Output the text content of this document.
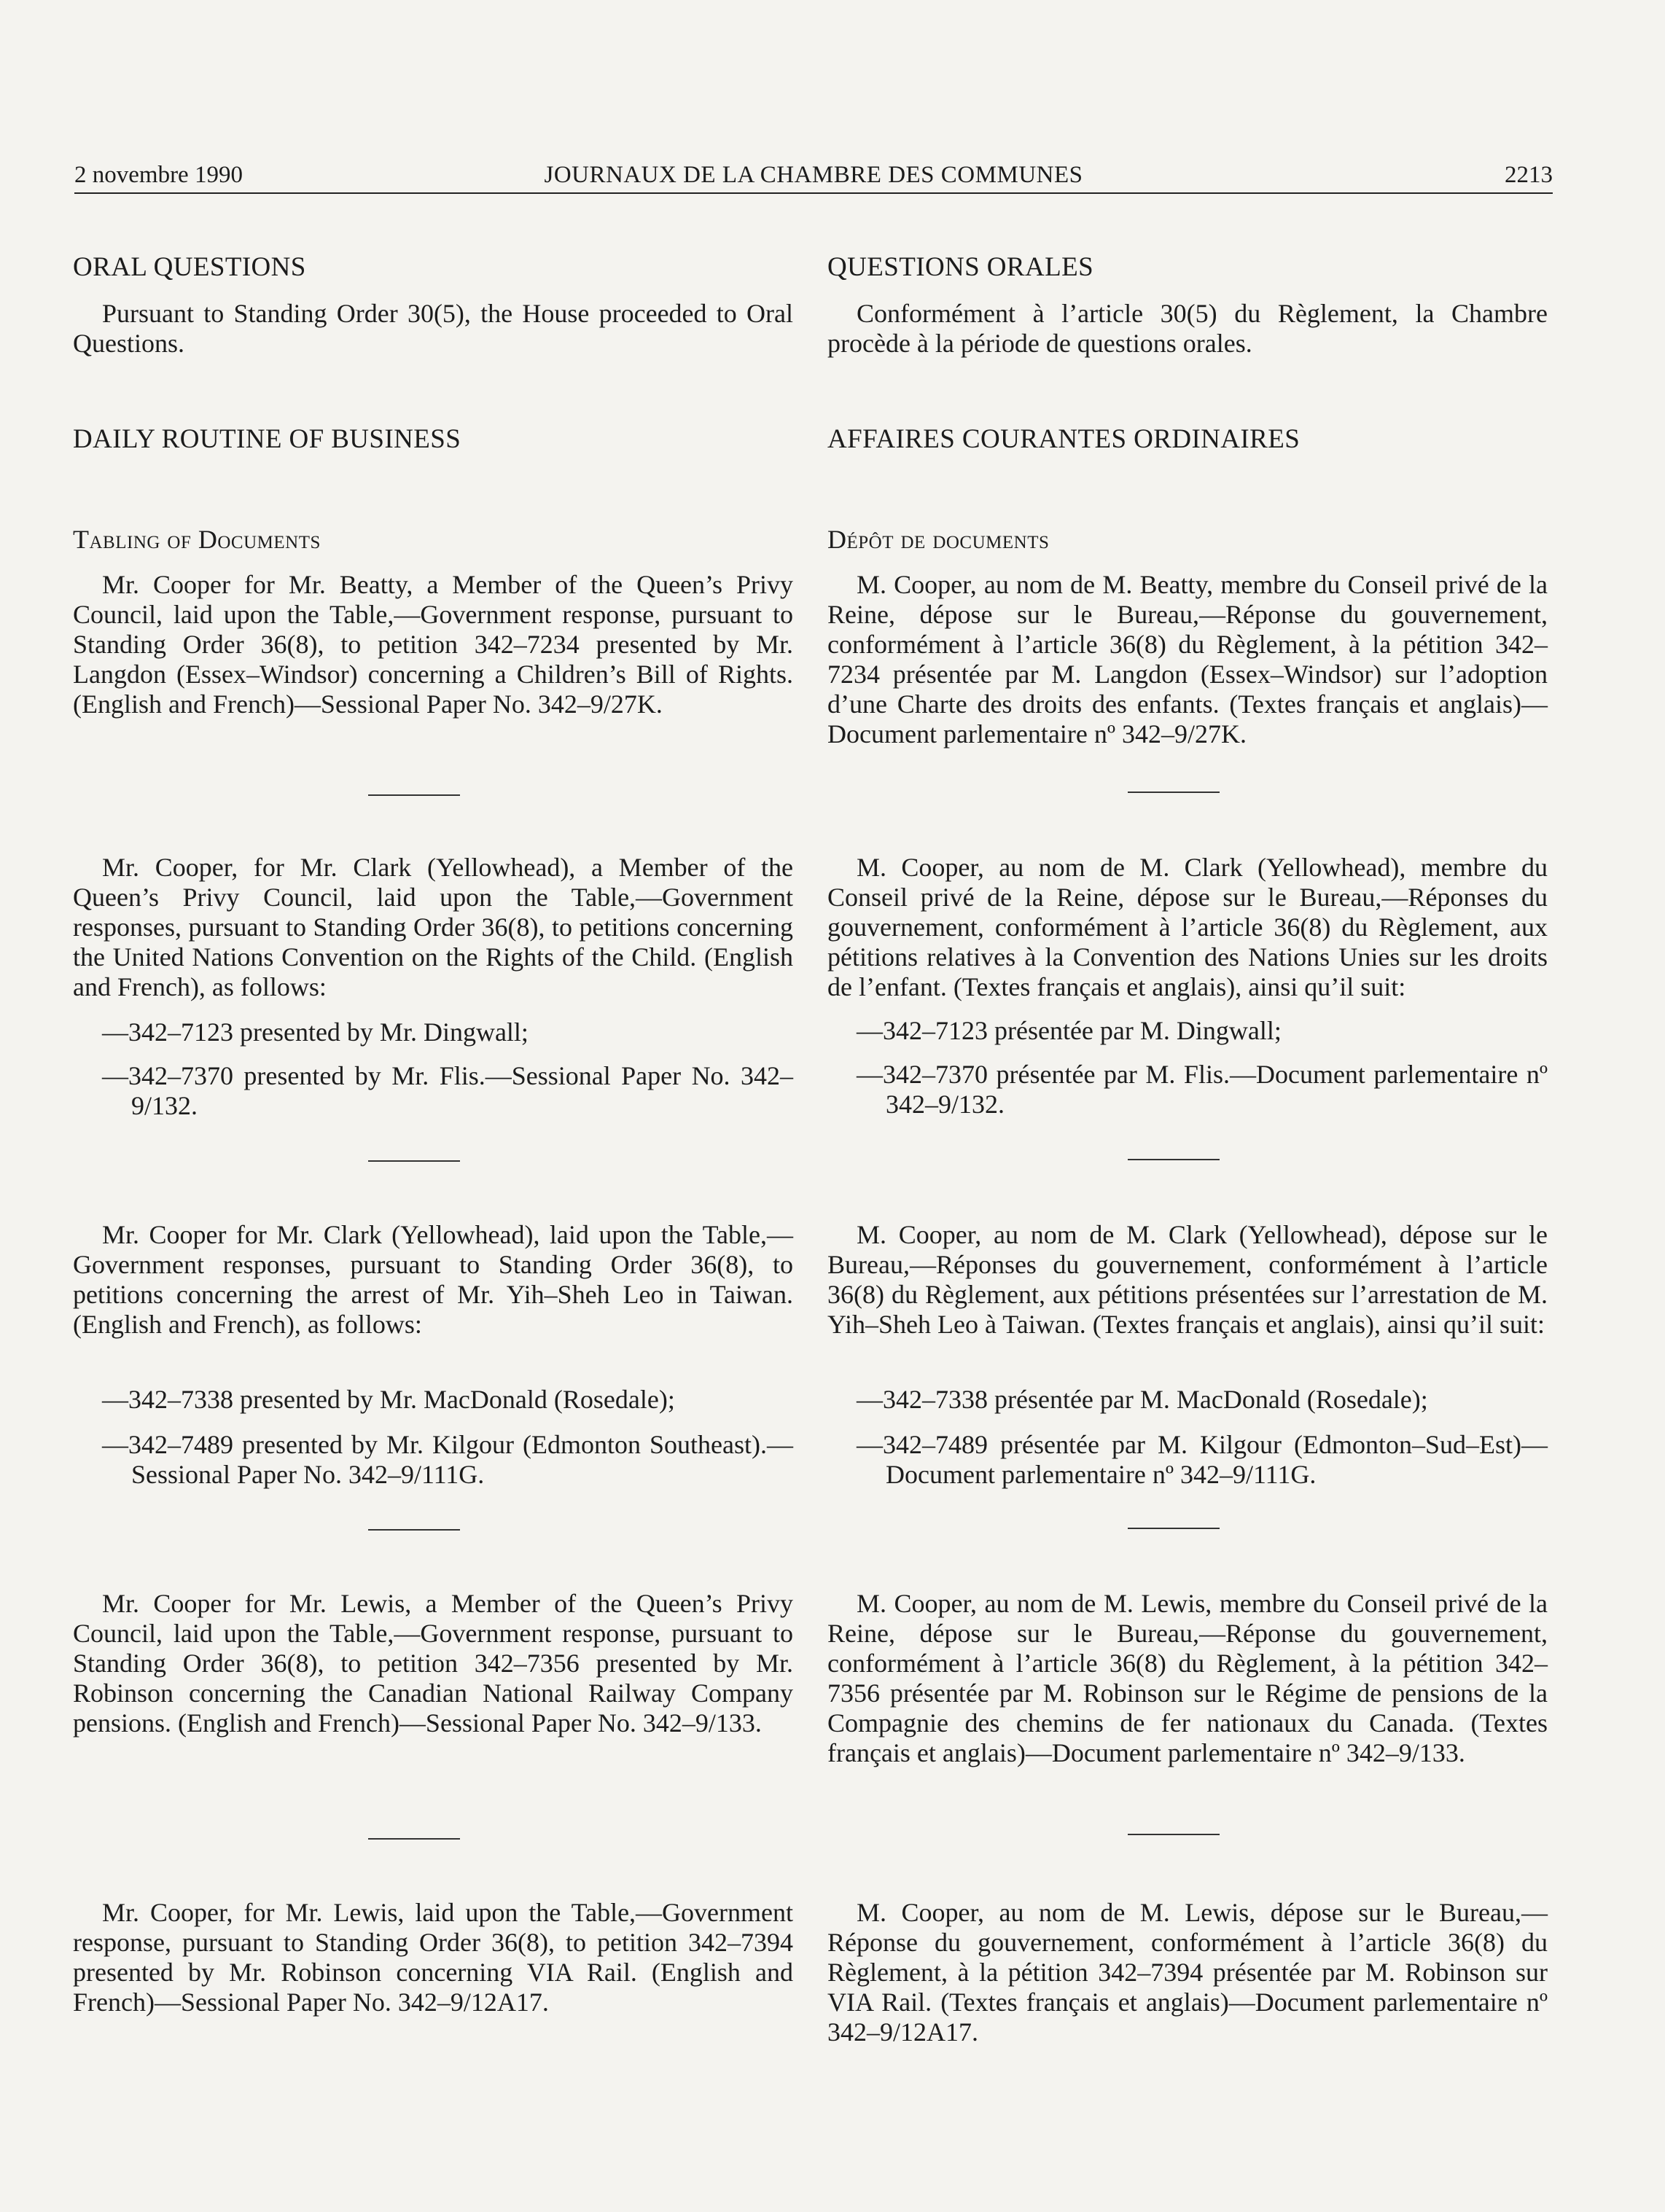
2 novembre 1990	JOURNAUX DE LA CHAMBRE DES COMMUNES	2213
ORAL QUESTIONS

Pursuant to Standing Order 30(5), the House proceeded to Oral Questions.

DAILY ROUTINE OF BUSINESS
Tabling of Documents

Mr. Cooper for Mr. Beatty, a Member of the Queen’s Privy Council, laid upon the Table,—Government response, pursuant to Standing Order 36(8), to petition 342–7234 presented by Mr. Langdon (Essex–Windsor) concerning a Children’s Bill of Rights. (English and French)—Sessional Paper No. 342–9/27K.

Mr. Cooper, for Mr. Clark (Yellowhead), a Member of the Queen’s Privy Council, laid upon the Table,—Government responses, pursuant to Standing Order 36(8), to petitions concerning the United Nations Convention on the Rights of the Child. (English and French), as follows:

—342–7123 presented by Mr. Dingwall;

—342–7370 presented by Mr. Flis.—Sessional Paper No. 342–9/132.

Mr. Cooper for Mr. Clark (Yellowhead), laid upon the Table,—Government responses, pursuant to Standing Order 36(8), to petitions concerning the arrest of Mr. Yih–Sheh Leo in Taiwan. (English and French), as follows:

—342–7338 presented by Mr. MacDonald (Rosedale);

—342–7489 presented by Mr. Kilgour (Edmonton Southeast).—Sessional Paper No. 342–9/111G.

Mr. Cooper for Mr. Lewis, a Member of the Queen’s Privy Council, laid upon the Table,—Government response, pursuant to Standing Order 36(8), to petition 342–7356 presented by Mr. Robinson concerning the Canadian National Railway Company pensions. (English and French)—Sessional Paper No. 342–9/133.

Mr. Cooper, for Mr. Lewis, laid upon the Table,—Government response, pursuant to Standing Order 36(8), to petition 342–7394 presented by Mr. Robinson concerning VIA Rail. (English and French)—Sessional Paper No. 342–9/12A17.

QUESTIONS ORALES

Conformément à l’article 30(5) du Règlement, la Chambre procède à la période de questions orales.

AFFAIRES COURANTES ORDINAIRES
Dépôt de documents

M. Cooper, au nom de M. Beatty, membre du Conseil privé de la Reine, dépose sur le Bureau,—Réponse du gouvernement, conformément à l’article 36(8) du Règlement, à la pétition 342–7234 présentée par M. Langdon (Essex–Windsor) sur l’adoption d’une Charte des droits des enfants. (Textes français et anglais)—Document parlementaire nº 342–9/27K.

M. Cooper, au nom de M. Clark (Yellowhead), membre du Conseil privé de la Reine, dépose sur le Bureau,—Réponses du gouvernement, conformément à l’article 36(8) du Règlement, aux pétitions relatives à la Convention des Nations Unies sur les droits de l’enfant. (Textes français et anglais), ainsi qu’il suit:

—342–7123 présentée par M. Dingwall;

—342–7370 présentée par M. Flis.—Document parlementaire nº 342–9/132.

M. Cooper, au nom de M. Clark (Yellowhead), dépose sur le Bureau,—Réponses du gouvernement, conformément à l’article 36(8) du Règlement, aux pétitions présentées sur l’arrestation de M. Yih–Sheh Leo à Taiwan. (Textes français et anglais), ainsi qu’il suit:

—342–7338 présentée par M. MacDonald (Rosedale);

—342–7489 présentée par M. Kilgour (Edmonton–Sud–Est)—Document parlementaire nº 342–9/111G.

M. Cooper, au nom de M. Lewis, membre du Conseil privé de la Reine, dépose sur le Bureau,—Réponse du gouvernement, conformément à l’article 36(8) du Règlement, à la pétition 342–7356 présentée par M. Robinson sur le Régime de pensions de la Compagnie des chemins de fer nationaux du Canada. (Textes français et anglais)—Document parlementaire nº 342–9/133.

M. Cooper, au nom de M. Lewis, dépose sur le Bureau,—Réponse du gouvernement, conformément à l’article 36(8) du Règlement, à la pétition 342–7394 présentée par M. Robinson sur VIA Rail. (Textes français et anglais)—Document parlementaire nº 342–9/12A17.
